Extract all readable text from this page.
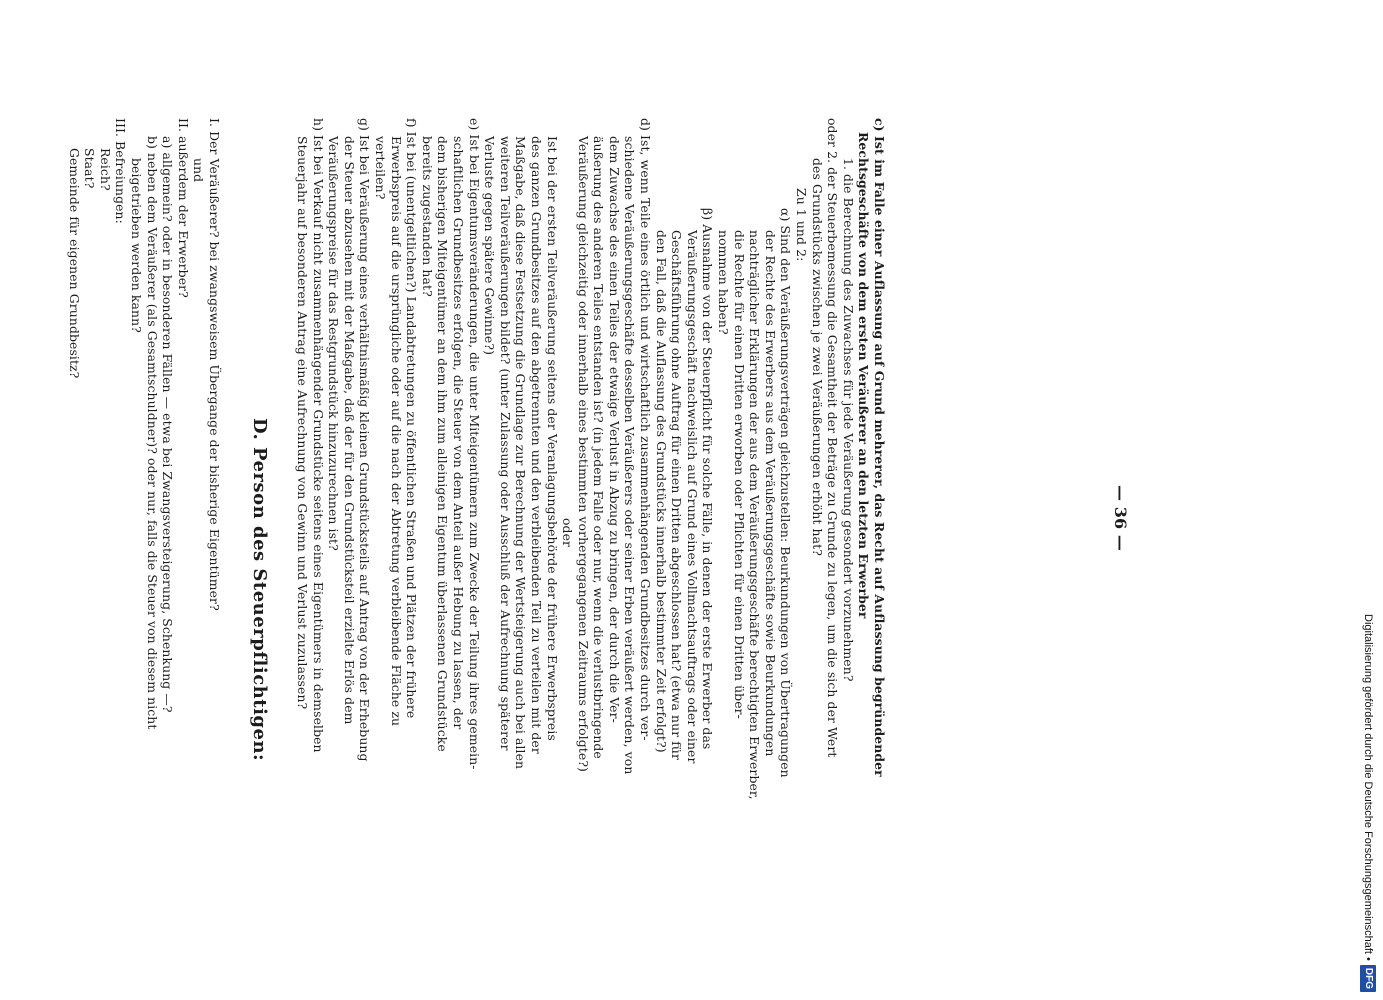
— 36 —
c) Ist im Falle einer Auflassung auf Grund mehrerer, das Recht auf Auflassung begründender
Rechtsgeschäfte von dem ersten Veräußerer an den letzten Erwerber
1. die Berechnung des Zuwachses für jede Veräußerung gesondert vorzunehmen?
oder 2. der Steuerbemessung die Gesamtheit der Beträge zu Grunde zu legen, um die sich der Wert
des Grundstücks zwischen je zwei Veräußerungen erhöht hat?
Zu 1 und 2:
α) Sind den Veräußerungsverträgen gleichzustellen: Beurkundungen von Übertragungen
der Rechte des Erwerbers aus dem Veräußerungsgeschäfte sowie Beurkundungen
nachträglicher Erklärungen der aus dem Veräußerungsgeschäfte berechtigten Erwerber,
die Rechte für einen Dritten erworben oder Pflichten für einen Dritten über-
nommen haben?
β) Ausnahme von der Steuerpflicht für solche Fälle, in denen der erste Erwerber das
Veräußerungsgeschäft nachweislich auf Grund eines Vollmachtsauftrags oder einer
Geschäftsführung ohne Auftrag für einen Dritten abgeschlossen hat? (etwa nur für
den Fall, daß die Auflassung des Grundstücks innerhalb bestimmter Zeit erfolgt?)
d) Ist, wenn Teile eines örtlich und wirtschaftlich zusammenhängenden Grundbesitzes durch ver-
schiedene Veräußerungsgeschäfte desselben Veräußerers oder seiner Erben veräußert werden, von
dem Zuwachse des einen Teiles der etwaige Verlust in Abzug zu bringen, der durch die Ver-
äußerung des anderen Teiles entstanden ist? (in jedem Falle oder nur, wenn die verlustbringende
Veräußerung gleichzeitig oder innerhalb eines bestimmten vorhergegangenen Zeitraums erfolgte?)
oder
Ist bei der ersten Teilveräußerung seitens der Veranlagungsbehörde der frühere Erwerbspreis
des ganzen Grundbesitzes auf den abgetrennten und den verbleibenden Teil zu verteilen mit der
Maßgabe, daß diese Festsetzung die Grundlage zur Berechnung der Wertsteigerung auch bei allen
weiteren Teilveräußerungen bildet? (unter Zulassung oder Ausschluß der Aufrechnung späterer
Verluste gegen spätere Gewinne?)
e) Ist bei Eigentumsveränderungen, die unter Miteigentümern zum Zwecke der Teilung ihres gemein-
schaftlichen Grundbesitzes erfolgen, die Steuer von dem Anteil außer Hebung zu lassen, der
dem bisherigen Miteigentümer an dem ihm zum alleinigen Eigentum überlassenen Grundstücke
bereits zugestanden hat?
f) Ist bei (unentgeltlichen?) Landabtretungen zu öffentlichen Straßen und Plätzen der frühere
Erwerbspreis auf die ursprüngliche oder auf die nach der Abtretung verbleibende Fläche zu
verteilen?
g) Ist bei Veräußerung eines verhältnismäßig kleinen Grundstücksteils auf Antrag von der Erhebung
der Steuer abzusehen mit der Maßgabe, daß der für den Grundstücksteil erzielte Erlös dem
Veräußerungspreise für das Restgrundstück hinzuzurechnen ist?
h) Ist bei Verkauf nicht zusammenhängender Grundstücke seitens eines Eigentümers in demselben
Steuerjahr auf besonderen Antrag eine Aufrechnung von Gewinn und Verlust zuzulassen?
D. Person des Steuerpflichtigen:
I. Der Veräußerer? bei zwangsweisem Übergange der bisherige Eigentümer?
und
II. außerdem der Erwerber?
a) allgemein? oder in besonderen Fällen — etwa bei Zwangsversteigerung, Schenkung —?
b) neben dem Veräußerer (als Gesamtschuldner)? oder nur, falls die Steuer von diesem nicht
beigetrieben werden kann?
III. Befreiungen:
Reich?
Staat?
Gemeinde für eigenen Grundbesitz?
Digitalisierung gefördert durch die Deutsche Forschungsgemeinschaft •
DFG
